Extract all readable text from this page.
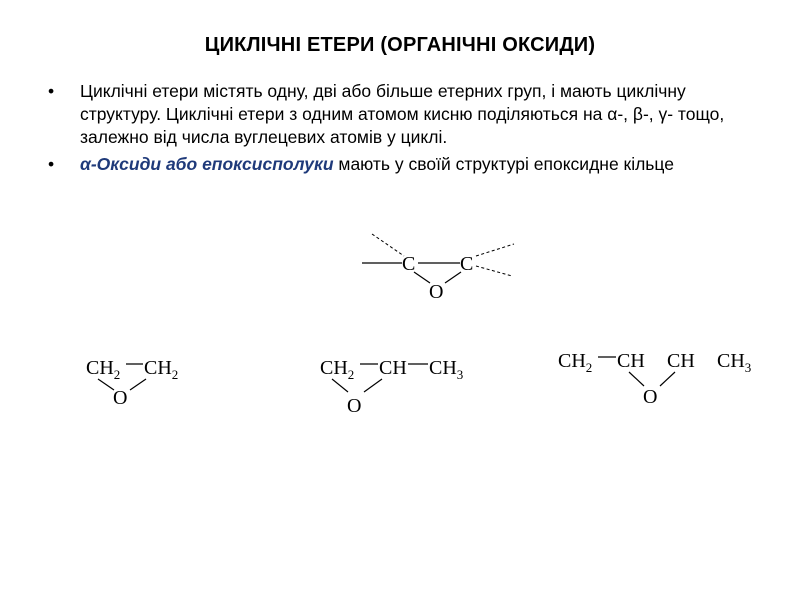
ЦИКЛІЧНІ ЕТЕРИ (ОРГАНІЧНІ ОКСИДИ)
• Циклічні етери містять одну, дві або більше етерних груп, і мають циклічну структуру. Циклічні етери з одним атомом кисню поділяються на α-, β-, γ- тощо, залежно від числа вуглецевих атомів у циклі.
• α-Оксиди або епоксисполуки мають у своїй структурі епоксидне кільце
C C
O
$CH_2$ $CH_2$
O
$CH_2$ CH $CH_3$
O
$CH_2$ CH CH $CH_3$
O
